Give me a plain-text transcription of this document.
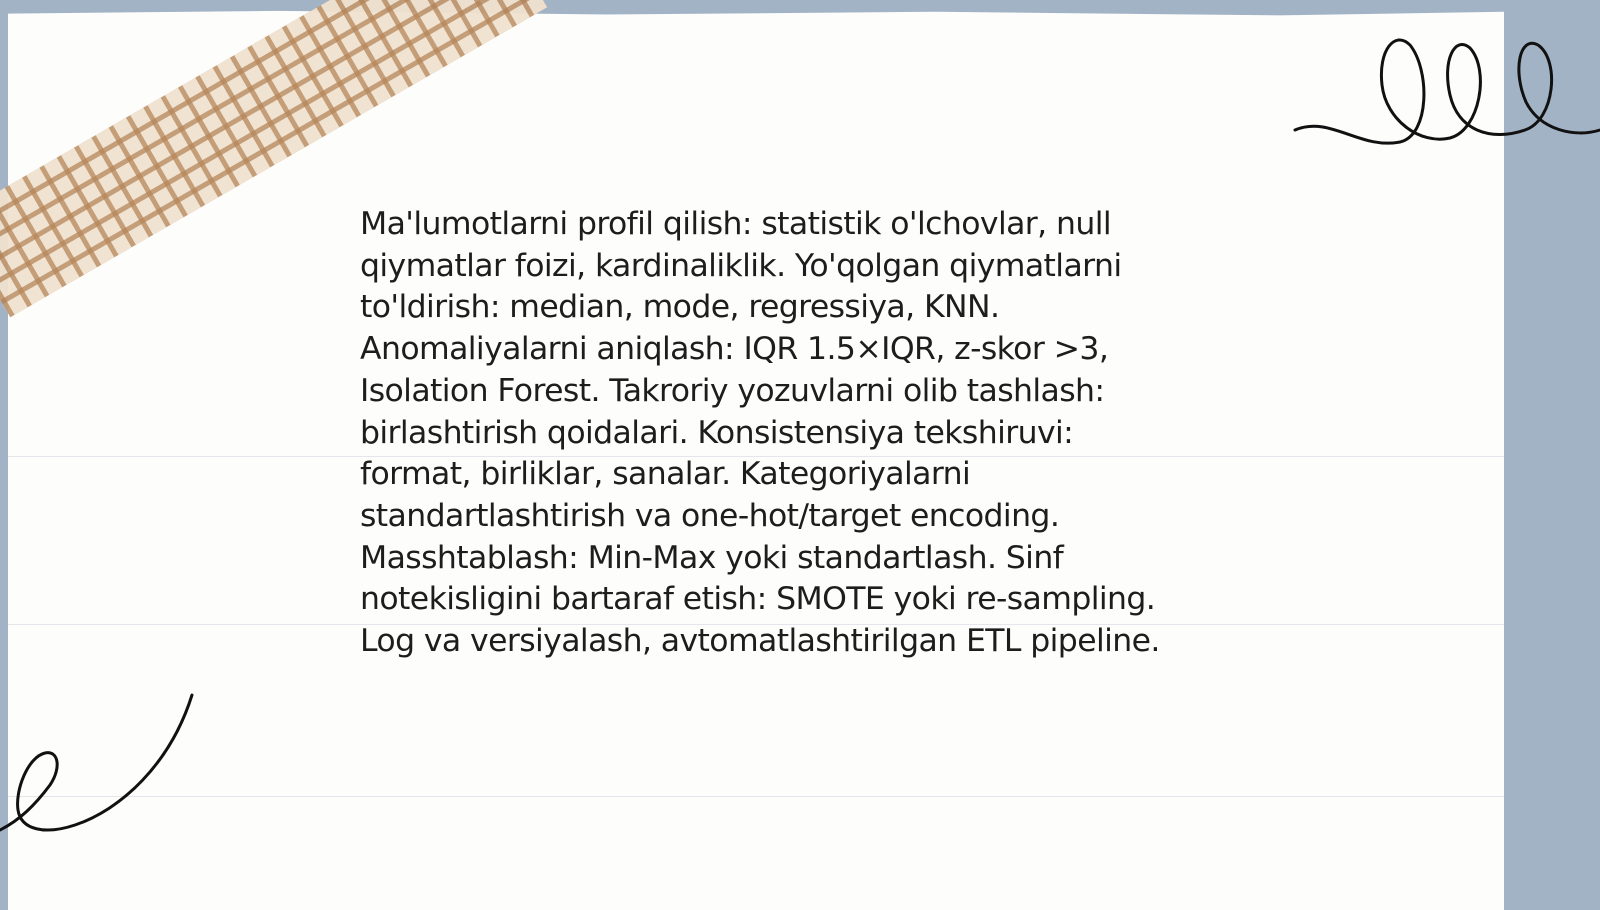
Ma'lumotlarni profil qilish: statistik o'lchovlar, null
qiymatlar foizi, kardinaliklik. Yo'qolgan qiymatlarni
to'ldirish: median, mode, regressiya, KNN.
Anomaliyalarni aniqlash: IQR 1.5×IQR, z-skor >3,
Isolation Forest. Takroriy yozuvlarni olib tashlash:
birlashtirish qoidalari. Konsistensiya tekshiruvi:
format, birliklar, sanalar. Kategoriyalarni
standartlashtirish va one-hot/target encoding.
Masshtablash: Min-Max yoki standartlash. Sinf
notekisligini bartaraf etish: SMOTE yoki re-sampling.
Log va versiyalash, avtomatlashtirilgan ETL pipeline.
